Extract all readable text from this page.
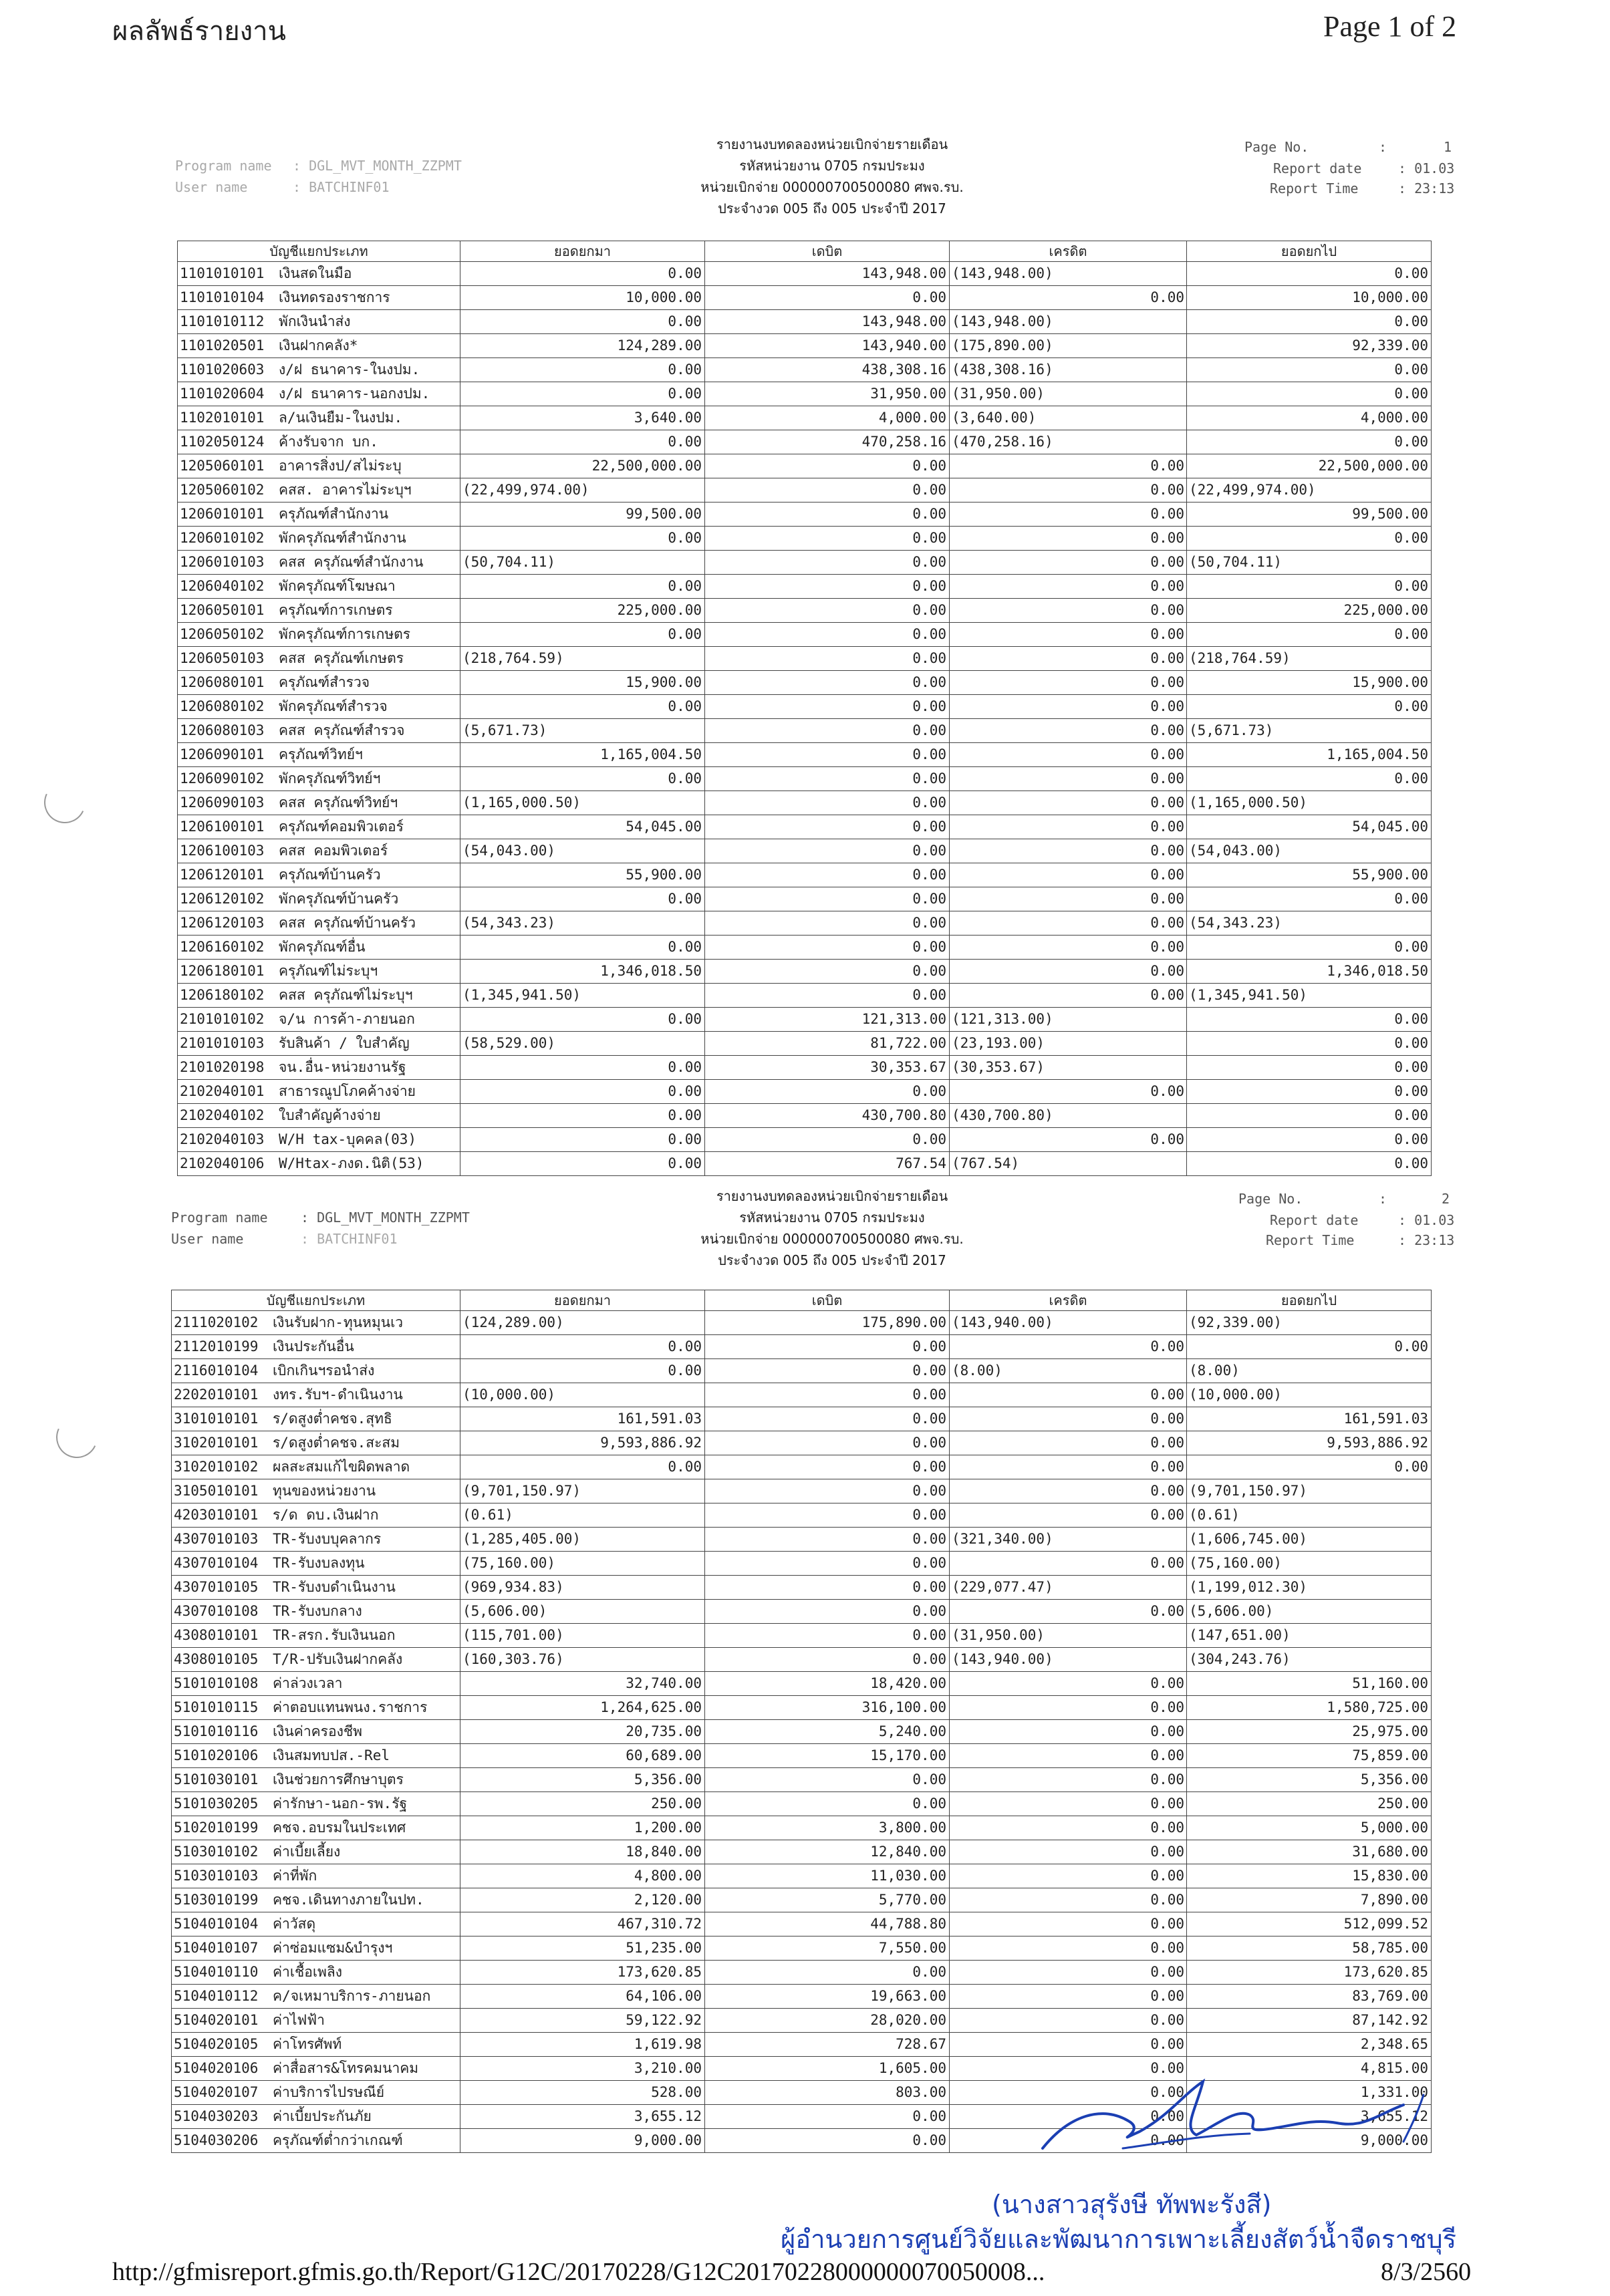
ผลลัพธ์รายงาน	Page 1 of 2
Program name : DGL_MVT_MONTH_ZZPMT
User name	: BATCHINF01
รายงานงบทดลองหน่วยเบิกจ่ายรายเดือน
รหัสหน่วยงาน 0705 กรมประมง
หน่วยเบิกจ่าย 000000700500080 ศพจ.รบ.
ประจำงวด 005 ถึง 005 ประจำปี 2017
Page No.	:	1
Report date	: 01.03
Report Time	: 23:13
บัญชีแยกประเภท	ยอดยกมา	เดบิต	เครดิต	ยอดยกไป
1101010101 เงินสดในมือ	0.00	143,948.00	(143,948.00)	0.00
1101010104 เงินทดรองราชการ	10,000.00	0.00	0.00	10,000.00
1101010112 พักเงินนำส่ง	0.00	143,948.00	(143,948.00)	0.00
1101020501 เงินฝากคลัง*	124,289.00	143,940.00	(175,890.00)	92,339.00
1101020603 ง/ฝ ธนาคาร-ในงปม.	0.00	438,308.16	(438,308.16)	0.00
1101020604 ง/ฝ ธนาคาร-นอกงปม.	0.00	31,950.00	(31,950.00)	0.00
1102010101 ล/นเงินยืม-ในงปม.	3,640.00	4,000.00	(3,640.00)	4,000.00
1102050124 ค้างรับจาก บก.	0.00	470,258.16	(470,258.16)	0.00
1205060101 อาคารสิ่งป/สไม่ระบุ	22,500,000.00	0.00	0.00	22,500,000.00
1205060102 คสส. อาคารไม่ระบุฯ	(22,499,974.00)	0.00	0.00	(22,499,974.00)
1206010101 ครุภัณฑ์สำนักงาน	99,500.00	0.00	0.00	99,500.00
1206010102 พักครุภัณฑ์สำนักงาน	0.00	0.00	0.00	0.00
1206010103 คสส ครุภัณฑ์สำนักงาน	(50,704.11)	0.00	0.00	(50,704.11)
1206040102 พักครุภัณฑ์โฆษณา	0.00	0.00	0.00	0.00
1206050101 ครุภัณฑ์การเกษตร	225,000.00	0.00	0.00	225,000.00
1206050102 พักครุภัณฑ์การเกษตร	0.00	0.00	0.00	0.00
1206050103 คสส ครุภัณฑ์เกษตร	(218,764.59)	0.00	0.00	(218,764.59)
1206080101 ครุภัณฑ์สำรวจ	15,900.00	0.00	0.00	15,900.00
1206080102 พักครุภัณฑ์สำรวจ	0.00	0.00	0.00	0.00
1206080103 คสส ครุภัณฑ์สำรวจ	(5,671.73)	0.00	0.00	(5,671.73)
1206090101 ครุภัณฑ์วิทย์ฯ	1,165,004.50	0.00	0.00	1,165,004.50
1206090102 พักครุภัณฑ์วิทย์ฯ	0.00	0.00	0.00	0.00
1206090103 คสส ครุภัณฑ์วิทย์ฯ	(1,165,000.50)	0.00	0.00	(1,165,000.50)
1206100101 ครุภัณฑ์คอมพิวเตอร์	54,045.00	0.00	0.00	54,045.00
1206100103 คสส คอมพิวเตอร์	(54,043.00)	0.00	0.00	(54,043.00)
1206120101 ครุภัณฑ์บ้านครัว	55,900.00	0.00	0.00	55,900.00
1206120102 พักครุภัณฑ์บ้านครัว	0.00	0.00	0.00	0.00
1206120103 คสส ครุภัณฑ์บ้านครัว	(54,343.23)	0.00	0.00	(54,343.23)
1206160102 พักครุภัณฑ์อื่น	0.00	0.00	0.00	0.00
1206180101 ครุภัณฑ์ไม่ระบุฯ	1,346,018.50	0.00	0.00	1,346,018.50
1206180102 คสส ครุภัณฑ์ไม่ระบุฯ	(1,345,941.50)	0.00	0.00	(1,345,941.50)
2101010102 จ/น การค้า-ภายนอก	0.00	121,313.00	(121,313.00)	0.00
2101010103 รับสินค้า / ใบสำคัญ	(58,529.00)	81,722.00	(23,193.00)	0.00
2101020198 จน.อื่น-หน่วยงานรัฐ	0.00	30,353.67	(30,353.67)	0.00
2102040101 สาธารณูปโภคค้างจ่าย	0.00	0.00	0.00	0.00
2102040102 ใบสำคัญค้างจ่าย	0.00	430,700.80	(430,700.80)	0.00
2102040103 W/H tax-บุคคล(03)	0.00	0.00	0.00	0.00
2102040106 W/Htax-ภงด.นิติ(53)	0.00	767.54	(767.54)	0.00
Program name : DGL_MVT_MONTH_ZZPMT
User name	: BATCHINF01
รายงานงบทดลองหน่วยเบิกจ่ายรายเดือน
รหัสหน่วยงาน 0705 กรมประมง
หน่วยเบิกจ่าย 000000700500080 ศพจ.รบ.
ประจำงวด 005 ถึง 005 ประจำปี 2017
Page No.	:	2
Report date	: 01.03
Report Time	: 23:13
บัญชีแยกประเภท	ยอดยกมา	เดบิต	เครดิต	ยอดยกไป
2111020102 เงินรับฝาก-ทุนหมุนเว	(124,289.00)	175,890.00	(143,940.00)	(92,339.00)
2112010199 เงินประกันอื่น	0.00	0.00	0.00	0.00
2116010104 เบิกเกินฯรอนำส่ง	0.00	0.00	(8.00)	(8.00)
2202010101 งทร.รับฯ-ดำเนินงาน	(10,000.00)	0.00	0.00	(10,000.00)
3101010101 ร/ดสูงต่ำคชจ.สุทธิ	161,591.03	0.00	0.00	161,591.03
3102010101 ร/ดสูงต่ำคชจ.สะสม	9,593,886.92	0.00	0.00	9,593,886.92
3102010102 ผลสะสมแก้ไขผิดพลาด	0.00	0.00	0.00	0.00
3105010101 ทุนของหน่วยงาน	(9,701,150.97)	0.00	0.00	(9,701,150.97)
4203010101 ร/ด ดบ.เงินฝาก	(0.61)	0.00	0.00	(0.61)
4307010103 TR-รับงบบุคลากร	(1,285,405.00)	0.00	(321,340.00)	(1,606,745.00)
4307010104 TR-รับงบลงทุน	(75,160.00)	0.00	0.00	(75,160.00)
4307010105 TR-รับงบดำเนินงาน	(969,934.83)	0.00	(229,077.47)	(1,199,012.30)
4307010108 TR-รับงบกลาง	(5,606.00)	0.00	0.00	(5,606.00)
4308010101 TR-สรก.รับเงินนอก	(115,701.00)	0.00	(31,950.00)	(147,651.00)
4308010105 T/R-ปรับเงินฝากคลัง	(160,303.76)	0.00	(143,940.00)	(304,243.76)
5101010108 ค่าล่วงเวลา	32,740.00	18,420.00	0.00	51,160.00
5101010115 ค่าตอบแทนพนง.ราชการ	1,264,625.00	316,100.00	0.00	1,580,725.00
5101010116 เงินค่าครองชีพ	20,735.00	5,240.00	0.00	25,975.00
5101020106 เงินสมทบปส.-Rel	60,689.00	15,170.00	0.00	75,859.00
5101030101 เงินช่วยการศึกษาบุตร	5,356.00	0.00	0.00	5,356.00
5101030205 ค่ารักษา-นอก-รพ.รัฐ	250.00	0.00	0.00	250.00
5102010199 คชจ.อบรมในประเทศ	1,200.00	3,800.00	0.00	5,000.00
5103010102 ค่าเบี้ยเลี้ยง	18,840.00	12,840.00	0.00	31,680.00
5103010103 ค่าที่พัก	4,800.00	11,030.00	0.00	15,830.00
5103010199 คชจ.เดินทางภายในปท.	2,120.00	5,770.00	0.00	7,890.00
5104010104 ค่าวัสดุ	467,310.72	44,788.80	0.00	512,099.52
5104010107 ค่าซ่อมแซม&บำรุงฯ	51,235.00	7,550.00	0.00	58,785.00
5104010110 ค่าเชื้อเพลิง	173,620.85	0.00	0.00	173,620.85
5104010112 ค/จเหมาบริการ-ภายนอก	64,106.00	19,663.00	0.00	83,769.00
5104020101 ค่าไฟฟ้า	59,122.92	28,020.00	0.00	87,142.92
5104020105 ค่าโทรศัพท์	1,619.98	728.67	0.00	2,348.65
5104020106 ค่าสื่อสาร&โทรคมนาคม	3,210.00	1,605.00	0.00	4,815.00
5104020107 ค่าบริการไปรษณีย์	528.00	803.00	0.00	1,331.00
5104030203 ค่าเบี้ยประกันภัย	3,655.12	0.00	0.00	3,655.12
5104030206 ครุภัณฑ์ต่ำกว่าเกณฑ์	9,000.00	0.00	0.00	9,000.00
(นางสาวสุรังษี ทัพพะรังสี)
ผู้อำนวยการศูนย์วิจัยและพัฒนาการเพาะเลี้ยงสัตว์น้ำจืดราชบุรี
http://gfmisreport.gfmis.go.th/Report/G12C/20170228/G12C20170228000000070050008...	8/3/2560
